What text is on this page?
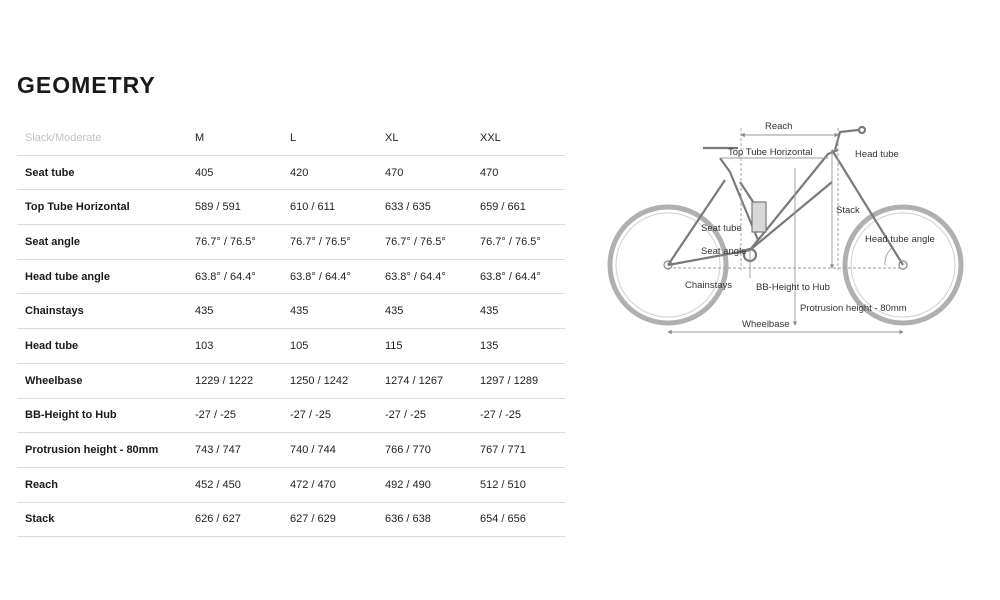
GEOMETRY
Slack/Moderate	M	L	XL	XXL
Seat tube	405	420	470	470
Top Tube Horizontal	589 / 591	610 / 611	633 / 635	659 / 661
Seat angle	76.7° / 76.5°	76.7° / 76.5°	76.7° / 76.5°	76.7° / 76.5°
Head tube angle	63.8° / 64.4°	63.8° / 64.4°	63.8° / 64.4°	63.8° / 64.4°
Chainstays	435	435	435	435
Head tube	103	105	115	135
Wheelbase	1229 / 1222	1250 / 1242	1274 / 1267	1297 / 1289
BB-Height to Hub	-27 / -25	-27 / -25	-27 / -25	-27 / -25
Protrusion height - 80mm	743 / 747	740 / 744	766 / 770	767 / 771
Reach	452 / 450	472 / 470	492 / 490	512 / 510
Stack	626 / 627	627 / 629	636 / 638	654 / 656
Reach
Top Tube Horizontal	Head tube
Stack
Seat tube
Seat angle
Head tube angle
Chainstays	BB-Height to Hub
Protrusion height - 80mm
Wheelbase
